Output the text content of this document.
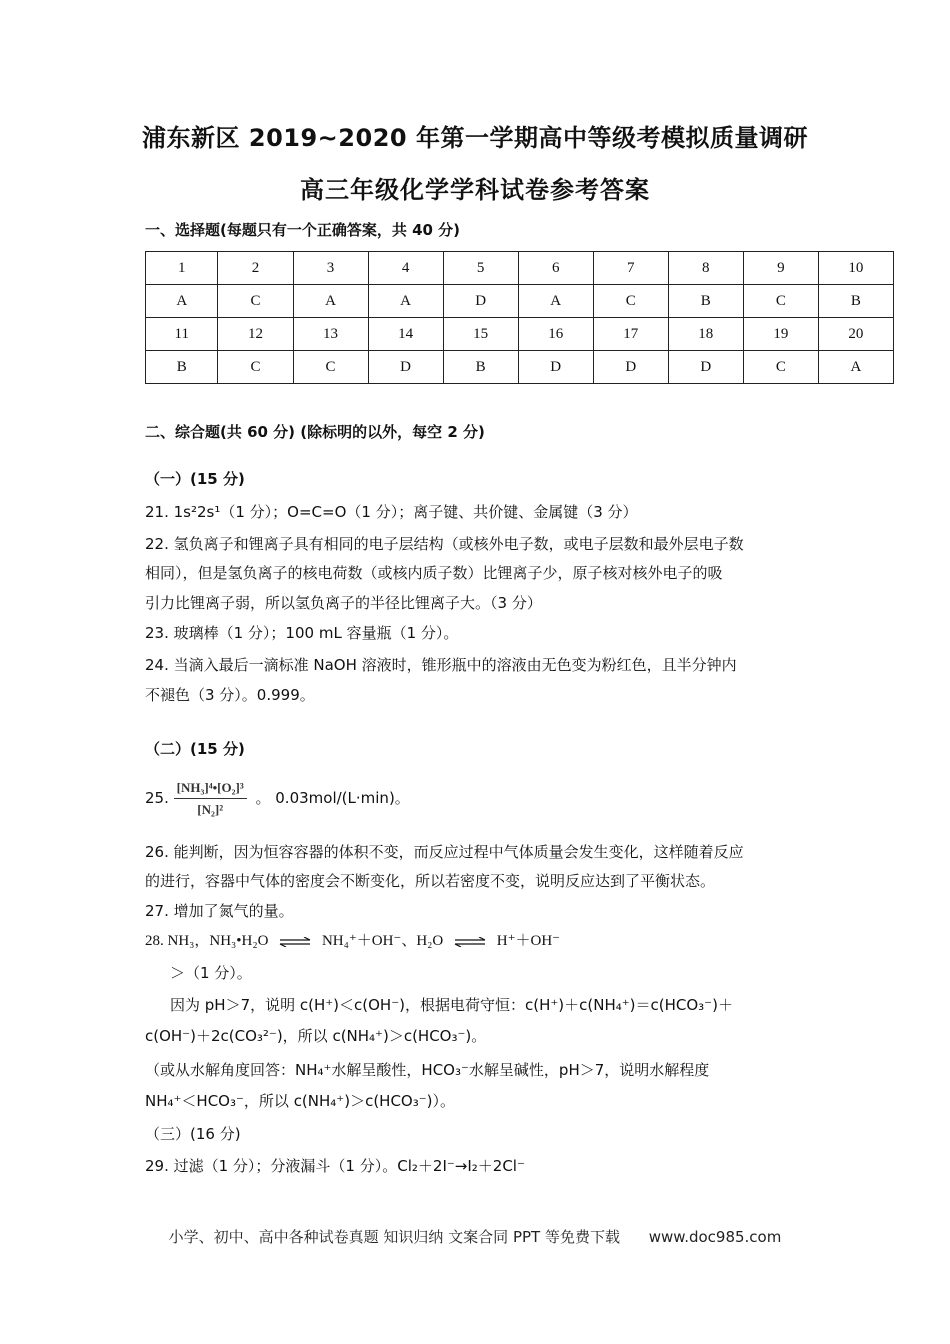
浦东新区 2019~2020 年第一学期高中等级考模拟质量调研
高三年级化学学科试卷参考答案
一、选择题(每题只有一个正确答案，共 40 分)
1	2	3	4	5	6	7	8	9	10
A	C	A	A	D	A	C	B	C	B
11	12	13	14	15	16	17	18	19	20
B	C	C	D	B	D	D	D	C	A
二、综合题(共 60 分) (除标明的以外，每空 2 分)
（一）(15 分)
21. 1s²2s¹（1 分）；O=C=O（1 分）；离子键、共价键、金属键（3 分）
22. 氢负离子和锂离子具有相同的电子层结构（或核外电子数，或电子层数和最外层电子数
相同），但是氢负离子的核电荷数（或核内质子数）比锂离子少，原子核对核外电子的吸
引力比锂离子弱，所以氢负离子的半径比锂离子大。（3 分）
23. 玻璃棒（1 分）；100 mL 容量瓶（1 分）。
24. 当滴入最后一滴标准 NaOH 溶液时，锥形瓶中的溶液由无色变为粉红色，且半分钟内
不褪色（3 分）。0.999。
（二）(15 分)
25. $\frac{\text{[NH₃]⁴•[O₂]³}}{\text{[N₂]²}}$ 。 0.03mol/(L·min)。
26. 能判断，因为恒容容器的体积不变，而反应过程中气体质量会发生变化，这样随着反应
的进行，容器中气体的密度会不断变化，所以若密度不变，说明反应达到了平衡状态。
27. 增加了氮气的量。
28. NH₃，NH₃•H₂O ⇌ NH₄⁺＋OH⁻、H₂O ⇌ H⁺＋OH⁻
＞（1 分）。
因为 pH＞7，说明 c(H⁺)＜c(OH⁻)，根据电荷守恒：c(H⁺)＋c(NH₄⁺)＝c(HCO₃⁻)＋
c(OH⁻)＋2c(CO₃²⁻)，所以 c(NH₄⁺)＞c(HCO₃⁻)。
（或从水解角度回答：NH₄⁺水解呈酸性，HCO₃⁻水解呈碱性，pH＞7，说明水解程度
NH₄⁺＜HCO₃⁻，所以 c(NH₄⁺)＞c(HCO₃⁻)）。
（三）(16 分)
29. 过滤（1 分）；分液漏斗（1 分）。Cl₂＋2I⁻→I₂＋2Cl⁻
小学、初中、高中各种试卷真题 知识归纳 文案合同 PPT 等免费下载 www.doc985.com
